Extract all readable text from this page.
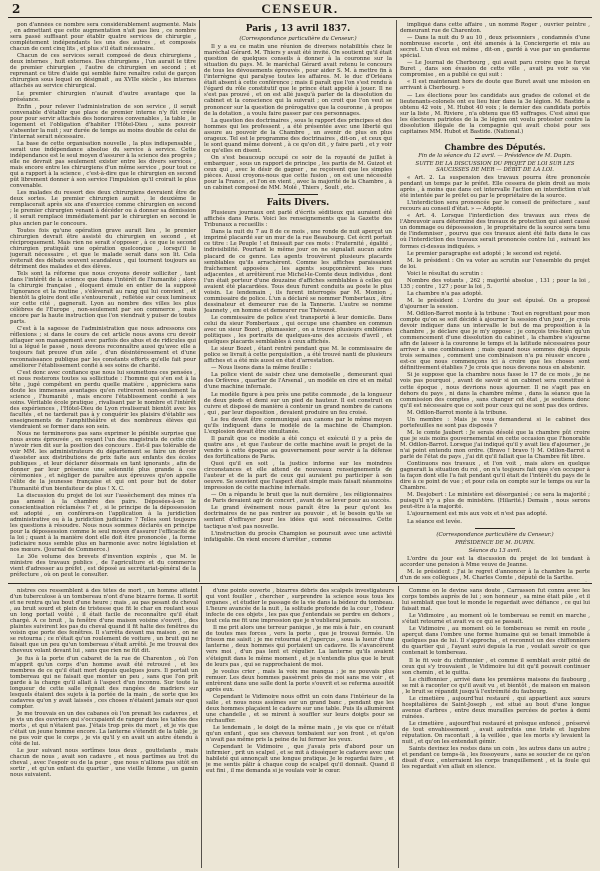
2	CENSEUR.

pon d'années ce nombre sera considérablement augmenté. Mais , en admettant que cette augmentation n'ait pas lieu , ce nombre sera passé suffisant pour établir quatre services de chirurgie , complétement indépendants les uns des autres , et composés chacun de cent cinq lits , et plus s'il était nécessaire.

Chacun de ces services serait composé de deux chirurgiens , deux internes , huit externes. Des chirurgiens , l'un aurait le titre de premier chirurgien , l'autre de chirurgien en second ; et reprenant ce titre d'aide qui semble faire renaître celui de garçon chirurgien sous lequel on désignait , au XVIIe siècle , les internes attachés au service chirurgical.

Le premier chirurgien n'aurait d'autre avantage que la préséance.

Enfin , pour relever l'administration de son service , il serait convenable d'établir que place de premier interne n'y fût créée pour pour servir attachés des honoraires convenables , la table , le logement et l'obligation d'habiter l'Hôtel-Dieu , sans pouvoir s'absenter la nuit ; sur durée de temps au moins double de celui de l'internat serait nécessaire.

La base de cette organisation nouvelle , la plus indispensable , serait une indépendance absolue du service à service. Cette indépendance est le seul moyen d'assurer à la science des progrès ; elle ne devrait pas seulement exister entre les divers services , mais encore entre les chirurgiens d'un même service , pour tout ce qui a rapport à la science , c'est-à-dire que le chirurgien en second pût librement donner à son service l'impulsion qu'il croirait le plus convenable.

Les malades du ressort des deux chirurgiens devraient être de deux sortes. Le premier chirurgien aurait , le deuxième le remplacerait après six ans d'exercice comme chirurgien en second ; le premier chirurgien venant à décéder ou à donner sa démission , il serait remplacé immédiatement par le chirurgien en second le plus ancien par le concours.

Toutes fois qu'une opération grave aurait lieu , le premier chirurgien devrait être assisté du chirurgien en second , et réciproquement. Mais rien ne serait s'opposer , à ce que le second chirurgien pratiquât une opération quelconque , lorsqu'il le jugerait nécessaire , et que le malade serait dans son lit. Cela éviterait des débats souvent scandaleux , qui tournent toujours au détriment des malades et des élèves.

Tels sont la réforme que nous croyons devoir solliciter , tant dans l'intérêt de la science que dans l'intérêt de l'humanité ; alors la chirurgie française , éloquent émule en entier de la supposé l'ignorance et la routine , s'élèverait au rang qui lui convient , et bientôt la gloire dont elle s'entourerait , reflétée sur ceux lumineux sur cette cité , gagnerait. Lyon au nombre des villes les plus célèbres de l'Europe , non-seulement par son commerce , mais encore par la haute instruction que l'on viendrait y puiser de toutes parts.

C'est à la sagesse de l'administration que nous adressons ces réflexions ; si dans le cours de cet article nous avons cru devoir attaquer son management avec parfois des abus et de ridicules qui lui a légué le passé , nous devons reconnaître aussi qu'avec elle a toujours fait preuve d'un zèle , d'un désintéressement et d'une reconnaissance publique par les constants efforts qu'elle fait pour améliorer l'établissement confié à ses soins de charité.

C'est donc avec confiance que nous lui soumettons ces pensées , et nous resterons toutes sa sollicitude : l'homme qui s'en est à la tête , jugé compétent en perdu quelle matière , appréciera sans doute les immenses avantages qu'en retireront non-seulement la science , l'humanité , mais encore l'établissement confié à ses soins. Véritable école pratique , rivalisant par le nombre et l'intérêt des expériences , l'Hôtel-Dieu de Lyon rivaliserait bientôt avec les facultés , et ne tarderait pas à y conquérir les plaisirs d'établir ses enseignements de l'amphithéâtre et des nombreux élèves qui viendraient se former dans son sein.

Nous ne terminerons pas sans exprimer le pénible surprise que nous avons éprouvée , en voyant l'un des magistrats de cette cité n'avoir rien dit sur la position des concours . Est-il pas tolérable de voir MM. les administrateurs du département se faire un devoir d'assister aux distributions de prix faite aux enfants des écoles publiques , et leur déclarer désormais en tant ignorants , afin de donner par leur présence une solennité plus grande à ces cérémonies , et négliger de paraître aux épreuves qu'on appelle l'élite de la jeunesse française et qui ont pour but de doter l'humanité d'un bienfaiteur de plus ! X. C.

La discussion du projet de loi sur l'assèchement des mines n'a pas amené à la chambre des pairs. Déposées-à-on le conscientisation réclamées ? et , si le principe de la dépossession est adopté , en conférera-on l'application à la juridiction administrative ou à la juridiction judiciaire ? Telles sont toujours les questions à résoudre. Nous nous sommes déclarés en principe pour la dépossession comme le seul moyen d'assurer l'efficacité de la loi ; quant à la manière dont elle doit être prononcée , la forme judiciaire nous semble plus en harmonie avec notre législation et nos mœurs. (Journal de Commerce.)

Le 30e volume des brevets d'invention expirés , que M. le ministre des travaux publics , de l'agriculture et du commerce vient d'adresser au préfet , est déposé au secrétariat-général de la préfecture , où on peut le consulter.

Paris , 13 avril 1837.
(Correspondance particulière du Censeur.)

Il y a eu ce matin une réunion de diverses notabilités chez le maréchal Gérard. M. Thiers y avait été invité. On soutient qu'il était question de quelques conseils à donner à la couronne sur la situation du pays. M. le maréchal Gérard avait retenu le concours de tous les dévouements éprouvés , pour aider S. M. à mettre fin à l'interrègne qui paralyse toutes les affaires. M. le duc d'Orléans était absent à cette conférence ; mais il paraît que l'on s'est rendu à l'égard du rôle constitutif que le prince était appelé à jouer. Il ne s'est pas prouvé , et on est allé jusqu'à parler de la dissolution du cabinet et la conscience qui la suivrait ; on croit que l'on veut se prononcer sur la question de prérogative que la couronne , à propos de la dotation , a voulu faire passer par ces personnages.

La question des doctrinaires , sous le rapport des principes et des hommes qui les professent , a été présentée avec une liberté qui assure au pouvoir de la Chambre , un avenir de plus en plus orageux. Tel est le programme des doctrinaires , dit-on , et ceux qui le sont quand même doivent , à ce qu'on dit , y faire parti , et y voir ce qu'elles en disent.

On s'est beaucoup occupé ce soir de la royauté de juillet à embarquer , sous un rapport de principe , les partis de M. Guizot et ceux qui , avec le désir de gagner , ne reçoivent que les simples pièces. Aussi croyons-nous que cette fusion , on est une nécessité pour la France , et l'on en vient , avec la majorité de la Chambre , à un cabinet composé de MM. Molé , Thiers , Soult , etc.

Faits Divers.

Plusieurs journaux ont parlé d'écrits séditieux qui auraient été affichés dans Paris. Voici les renseignements que la Gazette des Tribunaux a recueillis :

Dans la nuit du 7 au 8 de ce mois , une ronde de nuit aperçut un imprimé placardé sur un mur de la rue Beaubourg. Cet écrit portait ce titre : Le Peuple ! et finissait par ces mots : Fraternité , égalité , indivisibilité. Pourtant le même jour on ne signalait aucun autre placard de ce genre. Les agents trouvèrent plusieurs placards semblables qu'ils arrachèrent. Comme les affiches paraissaient fraîchement apposées , les agents soupçonnèrent les rues adjacentes , et arrêtèrent rue Michel-le-Comte deux individus , dont l'un était porteur d'une douzaine d'affiches semblables à celles qui avaient été placardées. Tous deux furent conduits au poste le plus voisin. Le lendemain , ils furent interrogés par M. Monion , commissaire de police. L'un a déclaré se nommer Fombertaux , être dessinateur et demeurer rue de la Tannerie. L'autre se nomme Jeannety , en homme et demeurer rue Thévenot.

Le commissaire de police s'est transporté à leur domicile. Dans celui du sieur Fombertaux , qui occupe une chambre en commun avec un sieur Bozet , plumassier , on a trouvé plusieurs emblèmes politiques , les portraits de quelques-uns des accusés d'avril , et quelques placards semblables à ceux affichés.

Le sieur Bozet , étant rentré pendant que M. le commissaire de police se livrait à cette perquisition , a été trouvé nanti de plusieurs affiches et a été mis aussi en état d'arrestation.

— Nous lisons dans la même feuille :

La police vient de saisir chez une demoiselle , demeurant quai des Orfèvres , quartier de l'Arsenal , un modèle en cire et en métal d'une machine infernale.

Le modèle figure à peu près une petite commode , de la longueur de deux pieds et demi sur un pied de hauteur. Il est construit en cuivre et disposé de manière à contenir un grand nombre de canons , qui , par leur disposition , devaient produire un feu croisé.

Le feu devait être communiqué aux canons par le même moyen qu'ils indiquent dans le modèle de la machine de Champion. L'explosion devait être simultanée.

Il paraît que ce modèle a été conçu et exécuté il y a près de quatre ans , et que l'auteur de cette machine avait le projet de la vendre à cette époque au gouvernement pour servir à la défense des fortifications de Paris.

Quoi qu'il en soit , la justice informe sur les moindres circonstances et elle attend de nouveaux renseignements de l'auteur et de la part de ceux qui auraient pu participer à son oeuvre. Se souvient que l'aspect était simple mais faisait néanmoins impression de cette machine infernale.

— On a répandu le bruit que la nuit dernière , les réligionnaires de Paris devaient agir de concert , avant de se lever pour au succès.

Le grand événement nous paraît être la peur qu'ont les doctrinaires de ne pas rentrer au pouvoir , et le besoin qu'ils se sentent d'effrayer pour les idées qui sont nécessaires. Cette tactique n'est pas nouvelle.

L'instruction du procès Champion se poursuit avec une activité infatigable. On vient encore d'arrêter , comme

impliqué dans cette affaire , un nommé Roger , ouvrier peintre , demeurant rue de Charenton.

— Dans la nuit du 9 au 10 , deux prisonniers , condamnés d'une nombreuse escorte , ont été amenés à la Conciergerie et mis au secret. L'un d'eux est même , dit-on , gardé à vue par un gendarme spécial.

— Le Journal de Cherbourg , qui avait paru croire que le forçat Buret , dans son évasion de cette ville , avait pu voir sa vie compromise , en a publié ce qui suit :

« Il est maintenant hors de doute que Buret avait une mission en arrivant à Cherbourg. »

— Les élections pour les candidats aux grades de colonel et de lieutenants-colonels ont eu lieu hier dans la 3e légion. M. Bastide a obtenu 42 voix , M. Hubot 40 voix ; le dernier des candidats portés sur la liste , M. Riviere , n'a obtenu que 65 suffrages. C'est ainsi que les électeurs patriotes de la 3e légion ont voulu protester contre la dissolution illégale de la compagnie qui avait choisi pour ses capitaines MM. Hubot et Bastide. (National.)

Chambre des Députés.
Fin de la séance du 12 avril. — Présidence de M. Dupin.
SUITE DE LA DISCUSSION DU PROJET DE LOI SUR LES SAUCISSES DE MER — DÉBIT DE LA LOI.

« Art. 2. La suspension des travaux pourra être prononcée pendant un temps par le préfet. Elle cessera de plein droit au mois après , à moins que dans cet intervalle l'action en interdiction n'ait été intentée par le préfet ou par le propriétaire de la source.

L'interdiction sera prononcée par le conseil de préfecture , sauf recours au conseil d'état. » — Adopté.

« Art. 4. Lorsque l'interdiction des travaux aux rives de l'Abreuvoir aura déterminé des travaux de protection qui aient causé un dommage ou dépossession , le propriétaire de la source sera tenu de l'indemniser , pourvu que ces travaux aient été faits dans le cas où l'interdiction des travaux serait prononcée contre lui , suivant les formes ci-dessus indiquées. »

Le premier paragraphe est adopté ; le second est rejeté.

M. le président : On va voter au scrutin sur l'ensemble du projet de loi.

Voici le résultat du scrutin :

Nombre des votants , 262 ; majorité absolue , 131 ; pour la loi , 135 ; contre , 127 ; pour la loi , 5.

La chambre n'a pas adopté.

M. le président : L'ordre du jour est épuisé. On a proposé d'ajourner la session.

M. Odilon-Barrot monte à la tribune : Tout en regrettant pour mon compte qu'on se soit décidé à ajourner la session d'un jour , je crois devoir indiquer dans un intervalle le but de ma proposition à la chambre , je déclare que je m'y oppose ; je conçois très-bien qu'un commencement d'une dissolution du cabinet , la chambre s'ajourne afin de laisser à la couronne le temps et la latitude nécessaires pour arriver à une combinaison ; mais quand nous sommes déjà depuis trois semaines , comment une combinaison n'a pu réussir encore , est-ce que nous commençons ici à croire que les choses sont définitivement établies ? Je crois que nous devons nous en abstenir.

Si je suppose que la chambre nous fasse le 17 de ce mois , je ne vois pas pourquoi , avant de savoir si un cabinet sera constitué à cette époque , nous devrions nous ajourner. Il ne s'agit pas en dehors du pays , ni dans la chambre même , dans la séance que la commission des comptes , sans changer cet état , je soutiens donc qu'il est nécessaire que ce soit pour ceux qui ne sont pas des ordres.

M. Odilon-Barrot monte à la tribune.

Un membre : Mais je vous demanderai si le cabinet des portefeuilles ne sont pas disposés ?

M. le comte Jaubert : Je serais désolé que la chambre pût croire que je suis moins gouvernemental en cette occasion que l'honorable M. Odilon-Barrot. Lorsque j'ai indiqué qu'il y avait lieu d'ajourner , je n'ai point entendu mon ordre. (Bravo ! bravo !) M. Odilon-Barrot a parlé de l'état du pays , j'ai dit qu'il fallait que la Chambre fût libre.

Continuons nos travaux , et l'on voit , mais alors en quelque gagnerait la situation du roi , on n'a toujours fait que s'en occuper à la façon dont elle l'a fait pendant qu'il était de l'intérêt du pays de le dire à ce point de vue ; et pour cela on compte sur le temps ou sur la Chambre.

M. Desjobert : Le ministère est désorganisé ; ce sera la majorité ; puisqu'il n'y a plus de ministère. (Hilarité.) Demain , nous serons peut-être à la majorité.

L'ajournement est mis aux voix et n'est pas adopté.

La séance est levée.

(Correspondance particulière du Censeur.)
PRÉSIDENCE DE M. DUPIN.
Séance du 13 avril.

L'ordre du jour est la discussion du projet de loi tendant à accorder une pension à Mme veuve de Jeanne.

M. le président : J'ai le regret d'annoncer à la chambre la perte d'un de ses collègues , M. Charles Comte , député de la Sarthe.

nistres ces ressemblent à des têtes de mort , un homme atteint d'un tuberculose à un tombereau n'ont d'une bizarre forme. Il sortit et ne rentra qu'au bout d'une heure ; mais , au pas pesant du cheval , au bruit sourd et plein de tristesse que fit le char en roulant sous un long portail voûté , il était facile de reconnaître qu'il était chargé. A ce bruit , la fenêtre d'une maison voisine s'ouvrit , des plaintes suivirent les pas du cheval quand il fit halte des fenêtres du voisin que porte des fenêtres. Il s'arrêta devant ma maison , on ne se retourna ; ce n'était qu'un roulement de voiture , un bruit qui ne faisait que un peu qu'un tombereau s'était arrêté. Je me trouvai des cheveux volant devant lui , sans que rien ne fût dit.

Je fus à la porte d'un cabaret de la rue de Charenton , où l'on m'apprit qu'un corps d'un homme avait été retrouvé , et les membres de ce qu'il était mort depuis quelques jours. Il portait un tombereau qui ne faisait que monter un peu , sans que l'on prît garde à la charge qu'il allait à l'aspect d'un inconnu. Sur toute la longueur de cette salle régnait des rangées de madriers sur lesquels étaient des sujets à la portée de la main , de sorte que les cadavres qu'on y avait laissés , ces choses n'étaient jamais sur quoi compter.

Je me trouvais en un des cabanes où l'on prenait les cadavres , et je vis un des ouvriers qui s'occupaient de ranger dans les tables des morts , et qui n'étaient pas. J'étais trop près du mort , et je vis que c'était un jeune homme encore. La lanterne s'étendit de la table , je ne pus voir que le corps , je vis qu'il y en avait un autre étendu à côté de lui.

Le jour suivant nous sortîmes tous deux , gouttelants , mais chacun de nous , avait son cadavre , et nous partîmes au trot du cheval , avec l'espoir ou de la peur , que nous n'allions pas sitôt en sortir , et qu'un enfant du quartier , une vieille femme , un gamin nous suivaient.

d'une pointe ouverte , bizarres débris des scalpels investigateurs qui vont fouiller , chercher , surprendre la science sous tous les organes , et étudier le passage de la vie dans la bédeur du tombeau. L'heure avancée de la nuit , la solitude profonde de la cour , l'odeur infecte de ces objets , les pas que j'entendais se perdre en dehors , tout cela me fit une impression que je n'oublierai jamais.

Il me prit alors une terreur panique , je me mis à fuir , en courant de toutes mes forces , vers la porte , que je trouvai fermée. Un frisson me saisit ; je me retournai et j'aperçus , sous la lueur d'une lanterne , deux hommes qui portaient un cadavre. Ils s'avancèrent vers moi , d'un pas lent et régulier. La lanterne qu'ils avaient s'éteignit dans le même moment , et je n'entendis plus que le bruit de leurs pas , qui se rapprochaient de moi.

Je voulus crier , mais la voix me manqua ; je ne pouvais plus remuer. Les deux hommes passèrent près de moi sans me voir , et entrèrent dans une salle dont la porte s'ouvrit et se referma aussitôt après eux.

Cependant le Vidimoire nous offrit un coin dans l'intérieur de la salle , et nous nous assîmes sur un grand banc , pendant que les deux hommes plaçaient le cadavre sur une table. Puis ils allumèrent une chandelle , et se mirent à souffler sur leurs doigts pour se réchauffer.

Le lendemain , le doigt de la même main , je vis que ce n'était qu'un enfant , que ses cheveux tombaient sur son front , et qu'on n'avait pas même pris la peine de lui fermer les yeux.

Cependant le Vidimoire , que j'avais pris d'abord pour un infirmier , prit un scalpel , et se mit à disséquer le cadavre avec une habileté qui annonçait une longue pratique. Je le regardai faire , et je me sentis pâlir à chaque coup de scalpel qu'il donnait. Quand il eut fini , il me demanda si je voulais voir le cœur.

Comme on le devine sans doute , Carrasson fut connu avec les corps tombés auprès de lui ; son honneur , sa mine était pâle , et il lui semblait que tout le monde le regardait avec défiance , ce qui lui faisait mal.

Le Vidimoire , au moment où le tombereau se remit en marche , s'était retourné et avait vu ce qui se passait.

Le Vidimoire , au moment où le tombereau se remit en route , aperçut dans l'ombre une forme humaine qui se tenait immobile à quelques pas de lui. Il s'approcha , et reconnut un des chiffonniers du quartier qui , l'ayant suivi depuis la rue , voulait savoir ce que contenait le tombereau.

Il le fit voir du chiffonnier , et comme il semblait avoir pitié de ceux qui s'y trouvaient , le Vidimoire lui dit qu'il pouvait continuer son chemin , et le quitta.

Le chiffonnier , arrivé dans les premières maisons du faubourg , se mit à raconter ce qu'il avait vu , et bientôt , de maison en maison , le bruit se répandit jusqu'à l'extrémité du faubourg.

Le cimetière , aujourd'hui restauré , qui appartient aux sœurs hospitalières de Saint-Joseph , est situé au bout d'une longue avenue d'arbres , entre deux murailles percées de portes à demi ruinées.

Le cimetière , aujourd'hui restauré et présque enfoncé , préservé de tout envahissement , avait autrefois une triste et lugubre réputation. On racontait , à la veillée , que les morts s'y levaient la nuit , et qu'on les entendait gémir.

Saints devinez les restes dans un coin , les autres dans un autre ; et pendant ce temps-là , les fossoyeurs , sans se soucier de ce qu'on disait d'eux , enterraient les corps tranquillement , et la foule qui les regardait s'en allait en silence.
